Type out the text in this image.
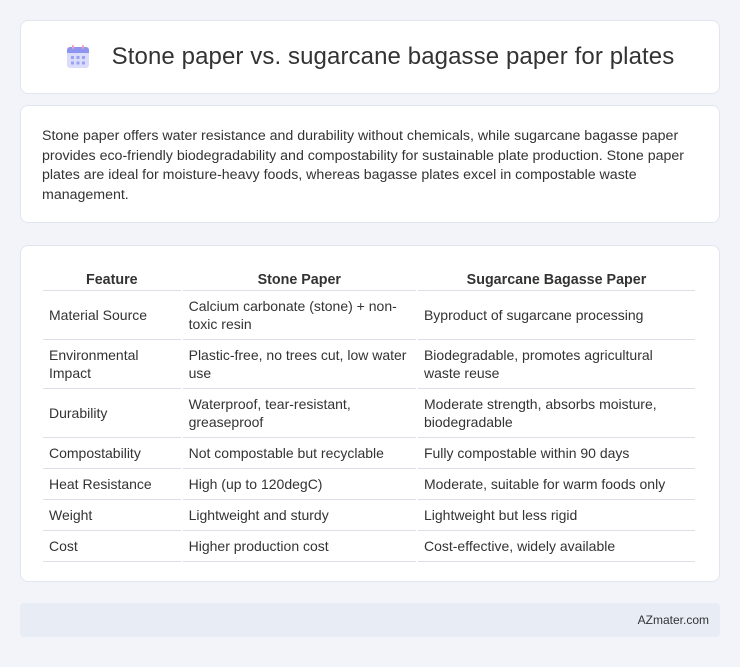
Stone paper vs. sugarcane bagasse paper for plates

Stone paper offers water resistance and durability without chemicals, while sugarcane bagasse paper provides eco-friendly biodegradability and compostability for sustainable plate production. Stone paper plates are ideal for moisture-heavy foods, whereas bagasse plates excel in compostable waste management.

Feature	Stone Paper	Sugarcane Bagasse Paper
Material Source	Calcium carbonate (stone) + non-toxic resin	Byproduct of sugarcane processing
Environmental Impact	Plastic-free, no trees cut, low water use	Biodegradable, promotes agricultural waste reuse
Durability	Waterproof, tear-resistant, greaseproof	Moderate strength, absorbs moisture, biodegradable
Compostability	Not compostable but recyclable	Fully compostable within 90 days
Heat Resistance	High (up to 120degC)	Moderate, suitable for warm foods only
Weight	Lightweight and sturdy	Lightweight but less rigid
Cost	Higher production cost	Cost-effective, widely available
AZmater.com
